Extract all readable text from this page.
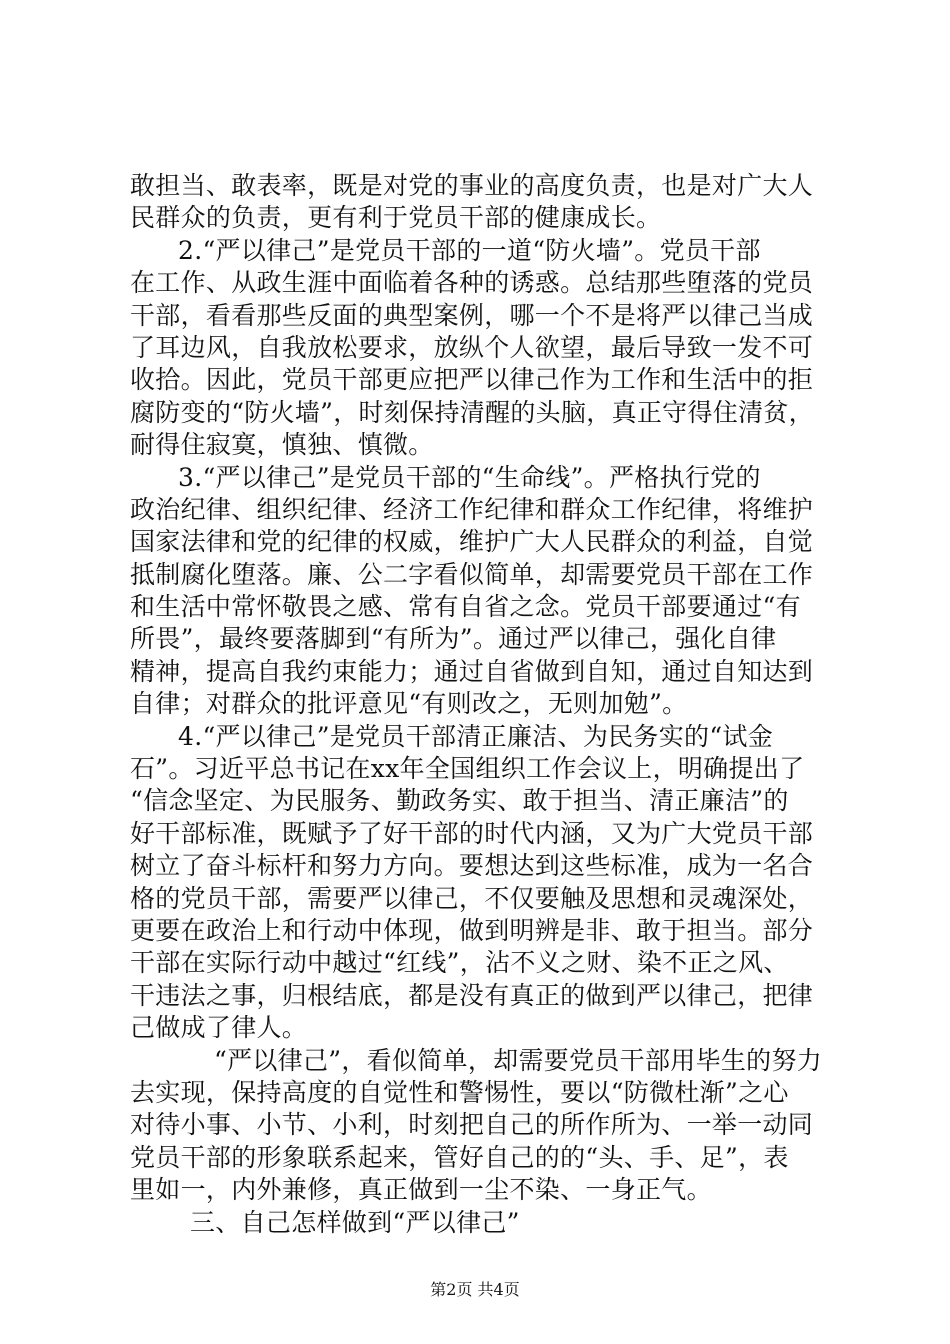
敢担当、敢表率，既是对党的事业的高度负责，也是对广大人
民群众的负责，更有利于党员干部的健康成长。
2.“严以律己”是党员干部的一道“防火墙”。党员干部
在工作、从政生涯中面临着各种的诱惑。总结那些堕落的党员
干部，看看那些反面的典型案例，哪一个不是将严以律己当成
了耳边风，自我放松要求，放纵个人欲望，最后导致一发不可
收拾。因此，党员干部更应把严以律己作为工作和生活中的拒
腐防变的“防火墙”，时刻保持清醒的头脑，真正守得住清贫，
耐得住寂寞，慎独、慎微。
3.“严以律己”是党员干部的“生命线”。严格执行党的
政治纪律、组织纪律、经济工作纪律和群众工作纪律，将维护
国家法律和党的纪律的权威，维护广大人民群众的利益，自觉
抵制腐化堕落。廉、公二字看似简单，却需要党员干部在工作
和生活中常怀敬畏之感、常有自省之念。党员干部要通过“有
所畏”，最终要落脚到“有所为”。通过严以律己，强化自律
精神，提高自我约束能力；通过自省做到自知，通过自知达到
自律；对群众的批评意见“有则改之，无则加勉”。
4.“严以律己”是党员干部清正廉洁、为民务实的“试金
石”。习近平总书记在xx年全国组织工作会议上，明确提出了
“信念坚定、为民服务、勤政务实、敢于担当、清正廉洁”的
好干部标准，既赋予了好干部的时代内涵，又为广大党员干部
树立了奋斗标杆和努力方向。要想达到这些标准，成为一名合
格的党员干部，需要严以律己，不仅要触及思想和灵魂深处，
更要在政治上和行动中体现，做到明辨是非、敢于担当。部分
干部在实际行动中越过“红线”，沾不义之财、染不正之风、
干违法之事，归根结底，都是没有真正的做到严以律己，把律
己做成了律人。
“严以律己”，看似简单，却需要党员干部用毕生的努力
去实现，保持高度的自觉性和警惕性，要以“防微杜渐”之心
对待小事、小节、小利，时刻把自己的所作所为、一举一动同
党员干部的形象联系起来，管好自己的的“头、手、足”，表
里如一，内外兼修，真正做到一尘不染、一身正气。
三、自己怎样做到“严以律己”
第2页 共4页
